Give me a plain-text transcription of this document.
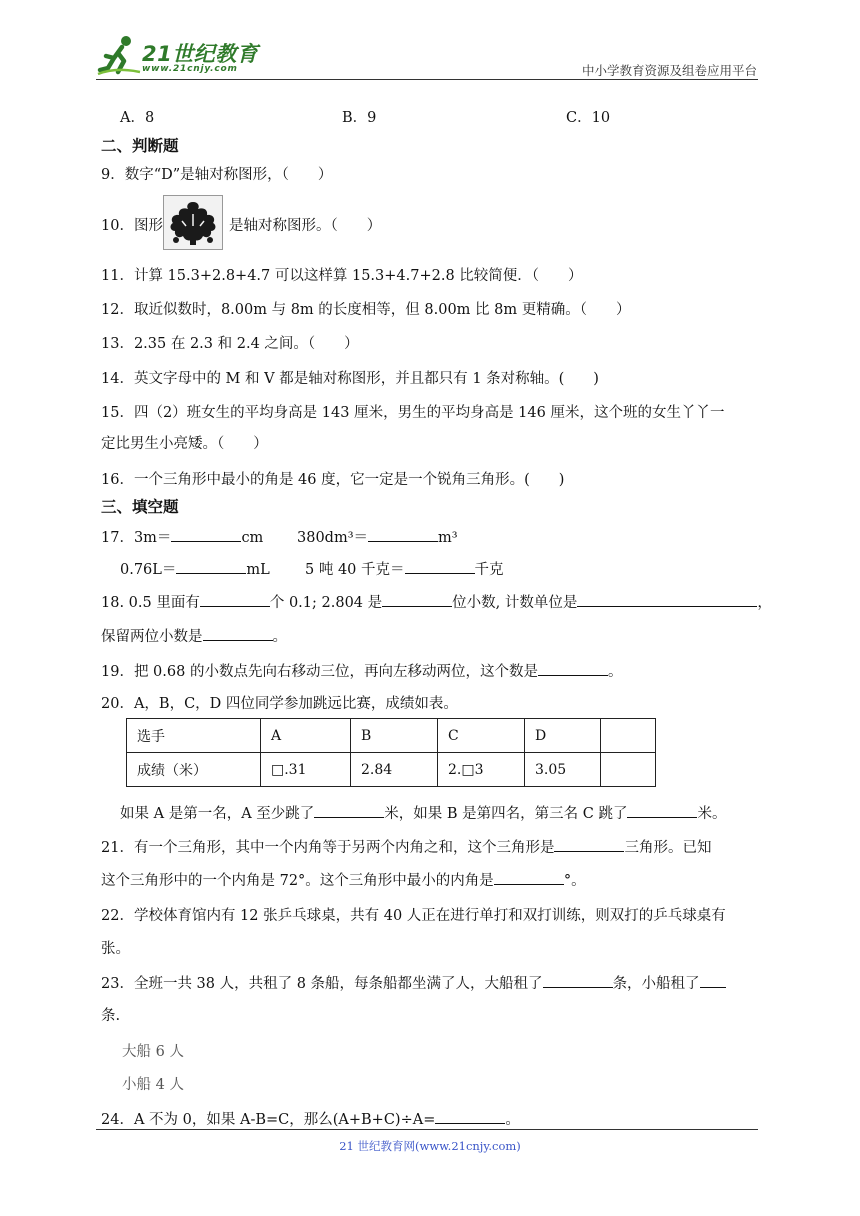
21世纪教育
www.21cnjy.com	中小学教育资源及组卷应用平台
A．8	B．9	C．10
二、判断题
9．数字“D”是轴对称图形，（　　）
10．图形	是轴对称图形。（　　）
11．计算 15.3+2.8+4.7 可以这样算 15.3+4.7+2.8 比较简便．（　　）
12．取近似数时，8.00m 与 8m 的长度相等，但 8.00m 比 8m 更精确。（　　）
13．2.35 在 2.3 和 2.4 之间。（　　）
14．英文字母中的 M 和 V 都是轴对称图形，并且都只有 1 条对称轴。(　　)
15．四（2）班女生的平均身高是 143 厘米，男生的平均身高是 146 厘米，这个班的女生丫丫一
定比男生小亮矮。（　　）
16．一个三角形中最小的角是 46 度，它一定是一个锐角三角形。(　　)
三、填空题
17．3m＝	cm 380dm³＝	m³
0.76L＝	mL 5 吨 40 千克＝	千克
18. 0.5 里面有	个 0.1; 2.804 是	位小数, 计数单位是	，
保留两位小数是	。
19．把 0.68 的小数点先向右移动三位，再向左移动两位，这个数是	。
20．A，B，C，D 四位同学参加跳远比赛，成绩如表。
选手	A	B	C	D	
成绩（米）	□.31	2.84	2.□3	3.05	
如果 A 是第一名，A 至少跳了	米，如果 B 是第四名，第三名 C 跳了	米。
21．有一个三角形，其中一个内角等于另两个内角之和，这个三角形是	三角形。已知
这个三角形中的一个内角是 72°。这个三角形中最小的内角是	°。
22．学校体育馆内有 12 张乒乓球桌，共有 40 人正在进行单打和双打训练，则双打的乒乓球桌有
张。
23．全班一共 38 人，共租了 8 条船，每条船都坐满了人，大船租了	条，小船租了
条.
大船 6 人
小船 4 人
24．A 不为 0，如果 A-B=C，那么(A+B+C)÷A=	。
21 世纪教育网(www.21cnjy.com)
